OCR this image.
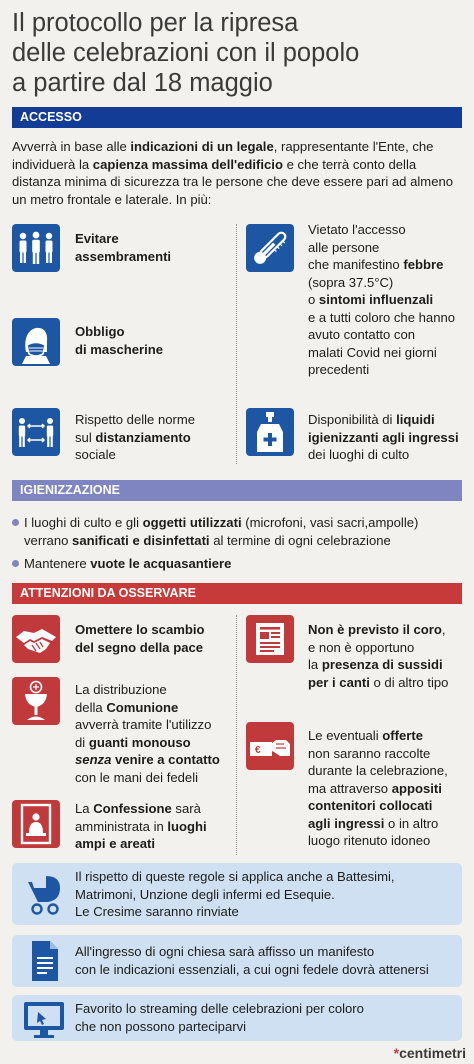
Il protocollo per la ripresa
delle celebrazioni con il popolo
a partire dal 18 maggio
ACCESSO
Avverrà in base alle indicazioni di un legale, rappresentante l'Ente, che individuerà la capienza massima dell'edificio e che terrà conto della distanza minima di sicurezza tra le persone che deve essere pari ad almeno un metro frontale e laterale. In più:
Evitare
assembramenti
Obbligo
di mascherine
Rispetto delle norme
sul distanziamento
sociale
Vietato l'accesso
alle persone
che manifestino febbre
(sopra 37.5°C)
o sintomi influenzali
e a tutti coloro che hanno
avuto contatto con
malati Covid nei giorni
precedenti
Disponibilità di liquidi
igienizzanti agli ingressi
dei luoghi di culto
IGIENIZZAZIONE
I luoghi di culto e gli oggetti utilizzati (microfoni, vasi sacri,ampolle)
verrano sanificati e disinfettati al termine di ogni celebrazione
Mantenere vuote le acquasantiere
ATTENZIONI DA OSSERVARE
Omettere lo scambio
del segno della pace
La distribuzione
della Comunione
avverrà tramite l'utilizzo
di guanti monouso
senza venire a contatto
con le mani dei fedeli
La Confessione sarà
amministrata in luoghi
ampi e areati
Non è previsto il coro,
e non è opportuno
la presenza di sussidi
per i canti o di altro tipo
€
Le eventuali offerte
non saranno raccolte
durante la celebrazione,
ma attraverso appositi
contenitori collocati
agli ingressi o in altro
luogo ritenuto idoneo
Il rispetto di queste regole si applica anche a Battesimi,
Matrimoni, Unzione degli infermi ed Esequie.
Le Cresime saranno rinviate
All'ingresso di ogni chiesa sarà affisso un manifesto
con le indicazioni essenziali, a cui ogni fedele dovrà attenersi
Favorito lo streaming delle celebrazioni per coloro
che non possono parteciparvi
*centimetri
